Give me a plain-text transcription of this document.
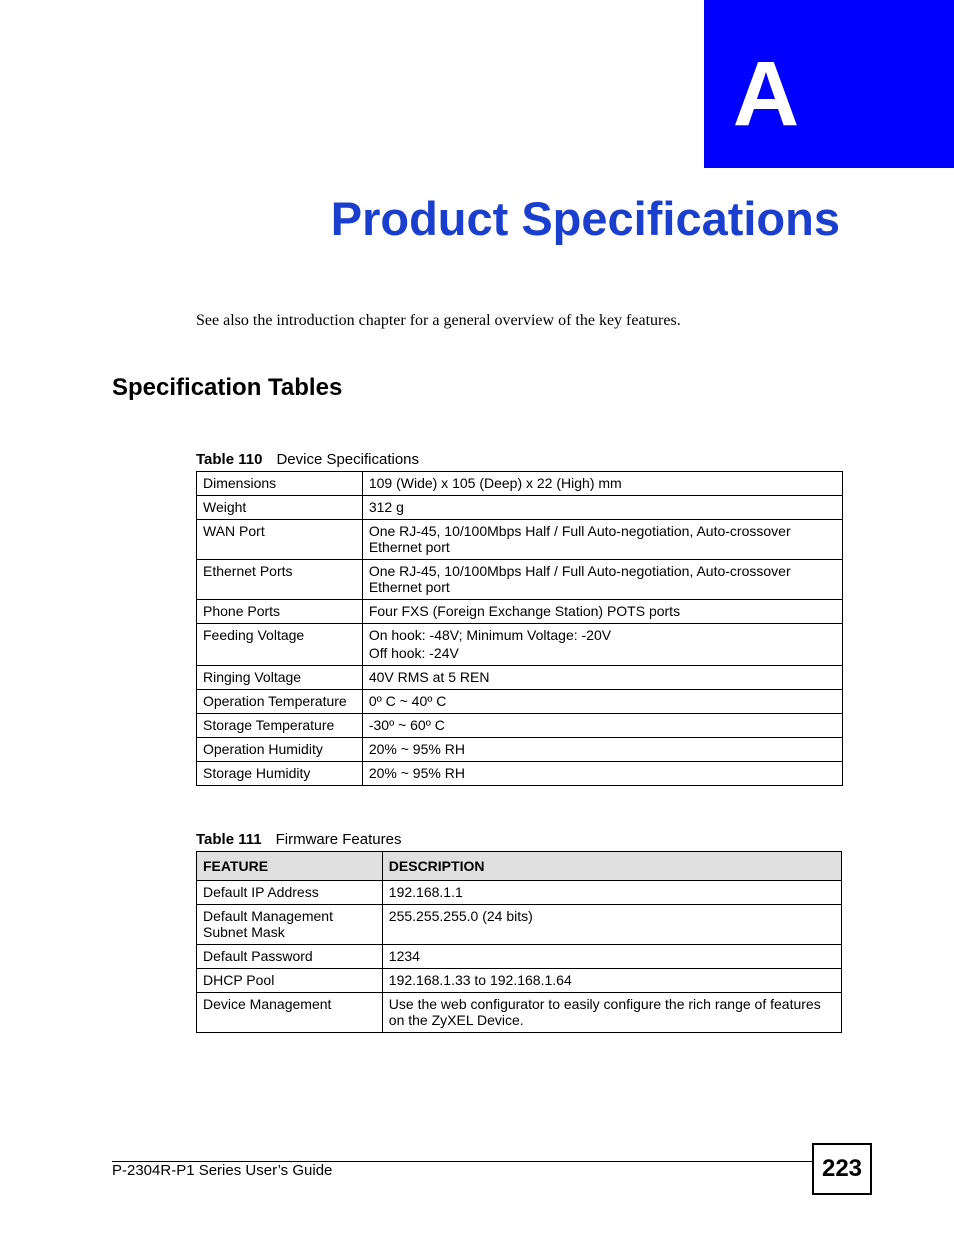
A
Product Specifications
See also the introduction chapter for a general overview of the key features.
Specification Tables
Table 110 Device Specifications
Dimensions	109 (Wide) x 105 (Deep) x 22 (High) mm
Weight	312 g
WAN Port	One RJ-45, 10/100Mbps Half / Full Auto-negotiation, Auto-crossover Ethernet port
Ethernet Ports	One RJ-45, 10/100Mbps Half / Full Auto-negotiation, Auto-crossover Ethernet port
Phone Ports	Four FXS (Foreign Exchange Station) POTS ports
Feeding Voltage	On hook: -48V; Minimum Voltage: -20V
Off hook: -24V

Ringing Voltage	40V RMS at 5 REN
Operation Temperature	0º C ~ 40º C
Storage Temperature	-30º ~ 60º C
Operation Humidity	20% ~ 95% RH
Storage Humidity	20% ~ 95% RH
Table 111 Firmware Features
FEATURE	DESCRIPTION
Default IP Address	192.168.1.1
Default Management Subnet Mask	255.255.255.0 (24 bits)
Default Password	1234
DHCP Pool	192.168.1.33 to 192.168.1.64
Device Management	Use the web configurator to easily configure the rich range of features on the ZyXEL Device.
P-2304R-P1 Series User’s Guide	223
